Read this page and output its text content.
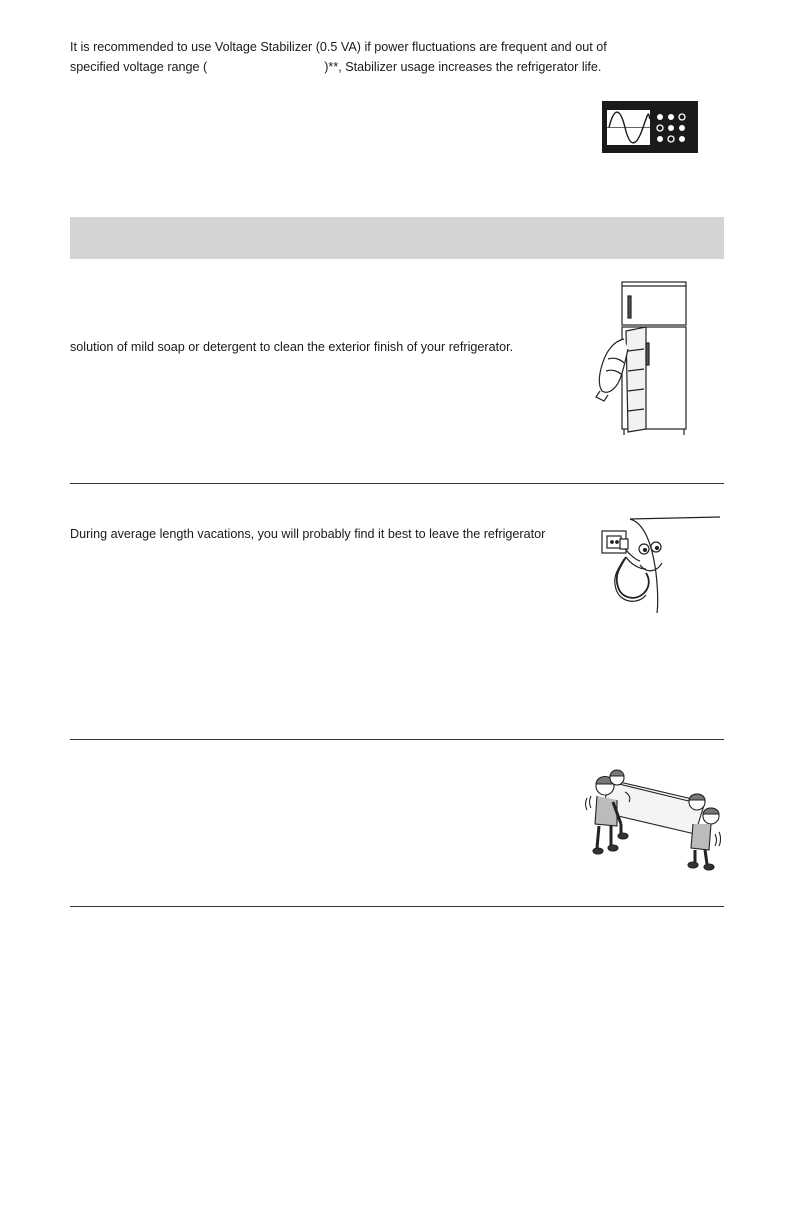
It is recommended to use Voltage Stabilizer (0.5 VA) if power fluctuations are frequent and out of
specified voltage range (	)**, Stabilizer usage increases the refrigerator life.
solution of mild soap or detergent to clean the exterior finish of your refrigerator.
During average length vacations, you will probably find it best to leave the refrigerator
